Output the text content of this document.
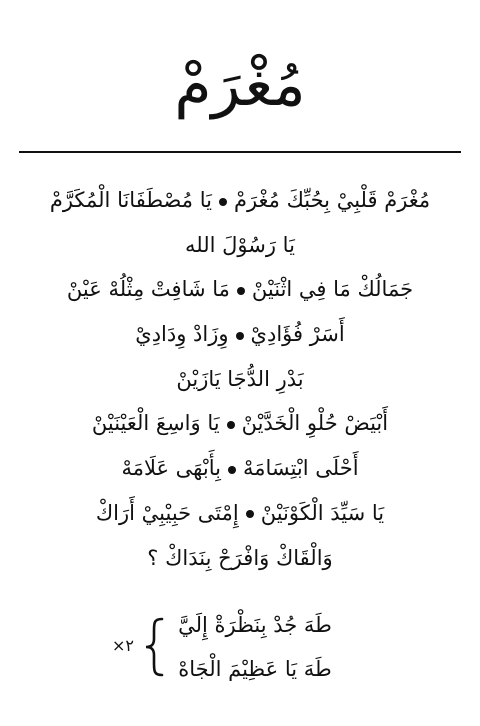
مُغْرَمْ
مُغْرَمْ قَلْبِيْ بِحُبِّكَ مُغْرَمْيَا مُصْطَفَانَا الْمُكَرَّمْ
يَا رَسُوْلَ الله
جَمَالُكْ مَا فِي اثْنَيْنْمَا شَافِتْ مِثْلُهْ عَيْنْ
أَسَرْ فُؤَادِيْوِزَادْ وِدَادِيْ
بَدْرِ الدُّجَا يَازَيْنْ
أَبْيَضْ حُلْوِ الْخَدَّيْنْيَا وَاسِعَ الْعَيْنَيْنْ
أَحْلَى ابْتِسَامَهْبِأَبْهَى عَلَامَهْ
يَا سَيِّدَ الْكَوْنَيْنْإِمْتَى حَبِيْبِيْ أَرَاكْ
وَالْقَاكْ وَافْرَحْ بِنَدَاكْ ؟
طَهَ جُدْ بِنَظْرَةْ إِلَيَّ
طَهَ يَا عَظِيْمَ الْجَاهْ
٢×
